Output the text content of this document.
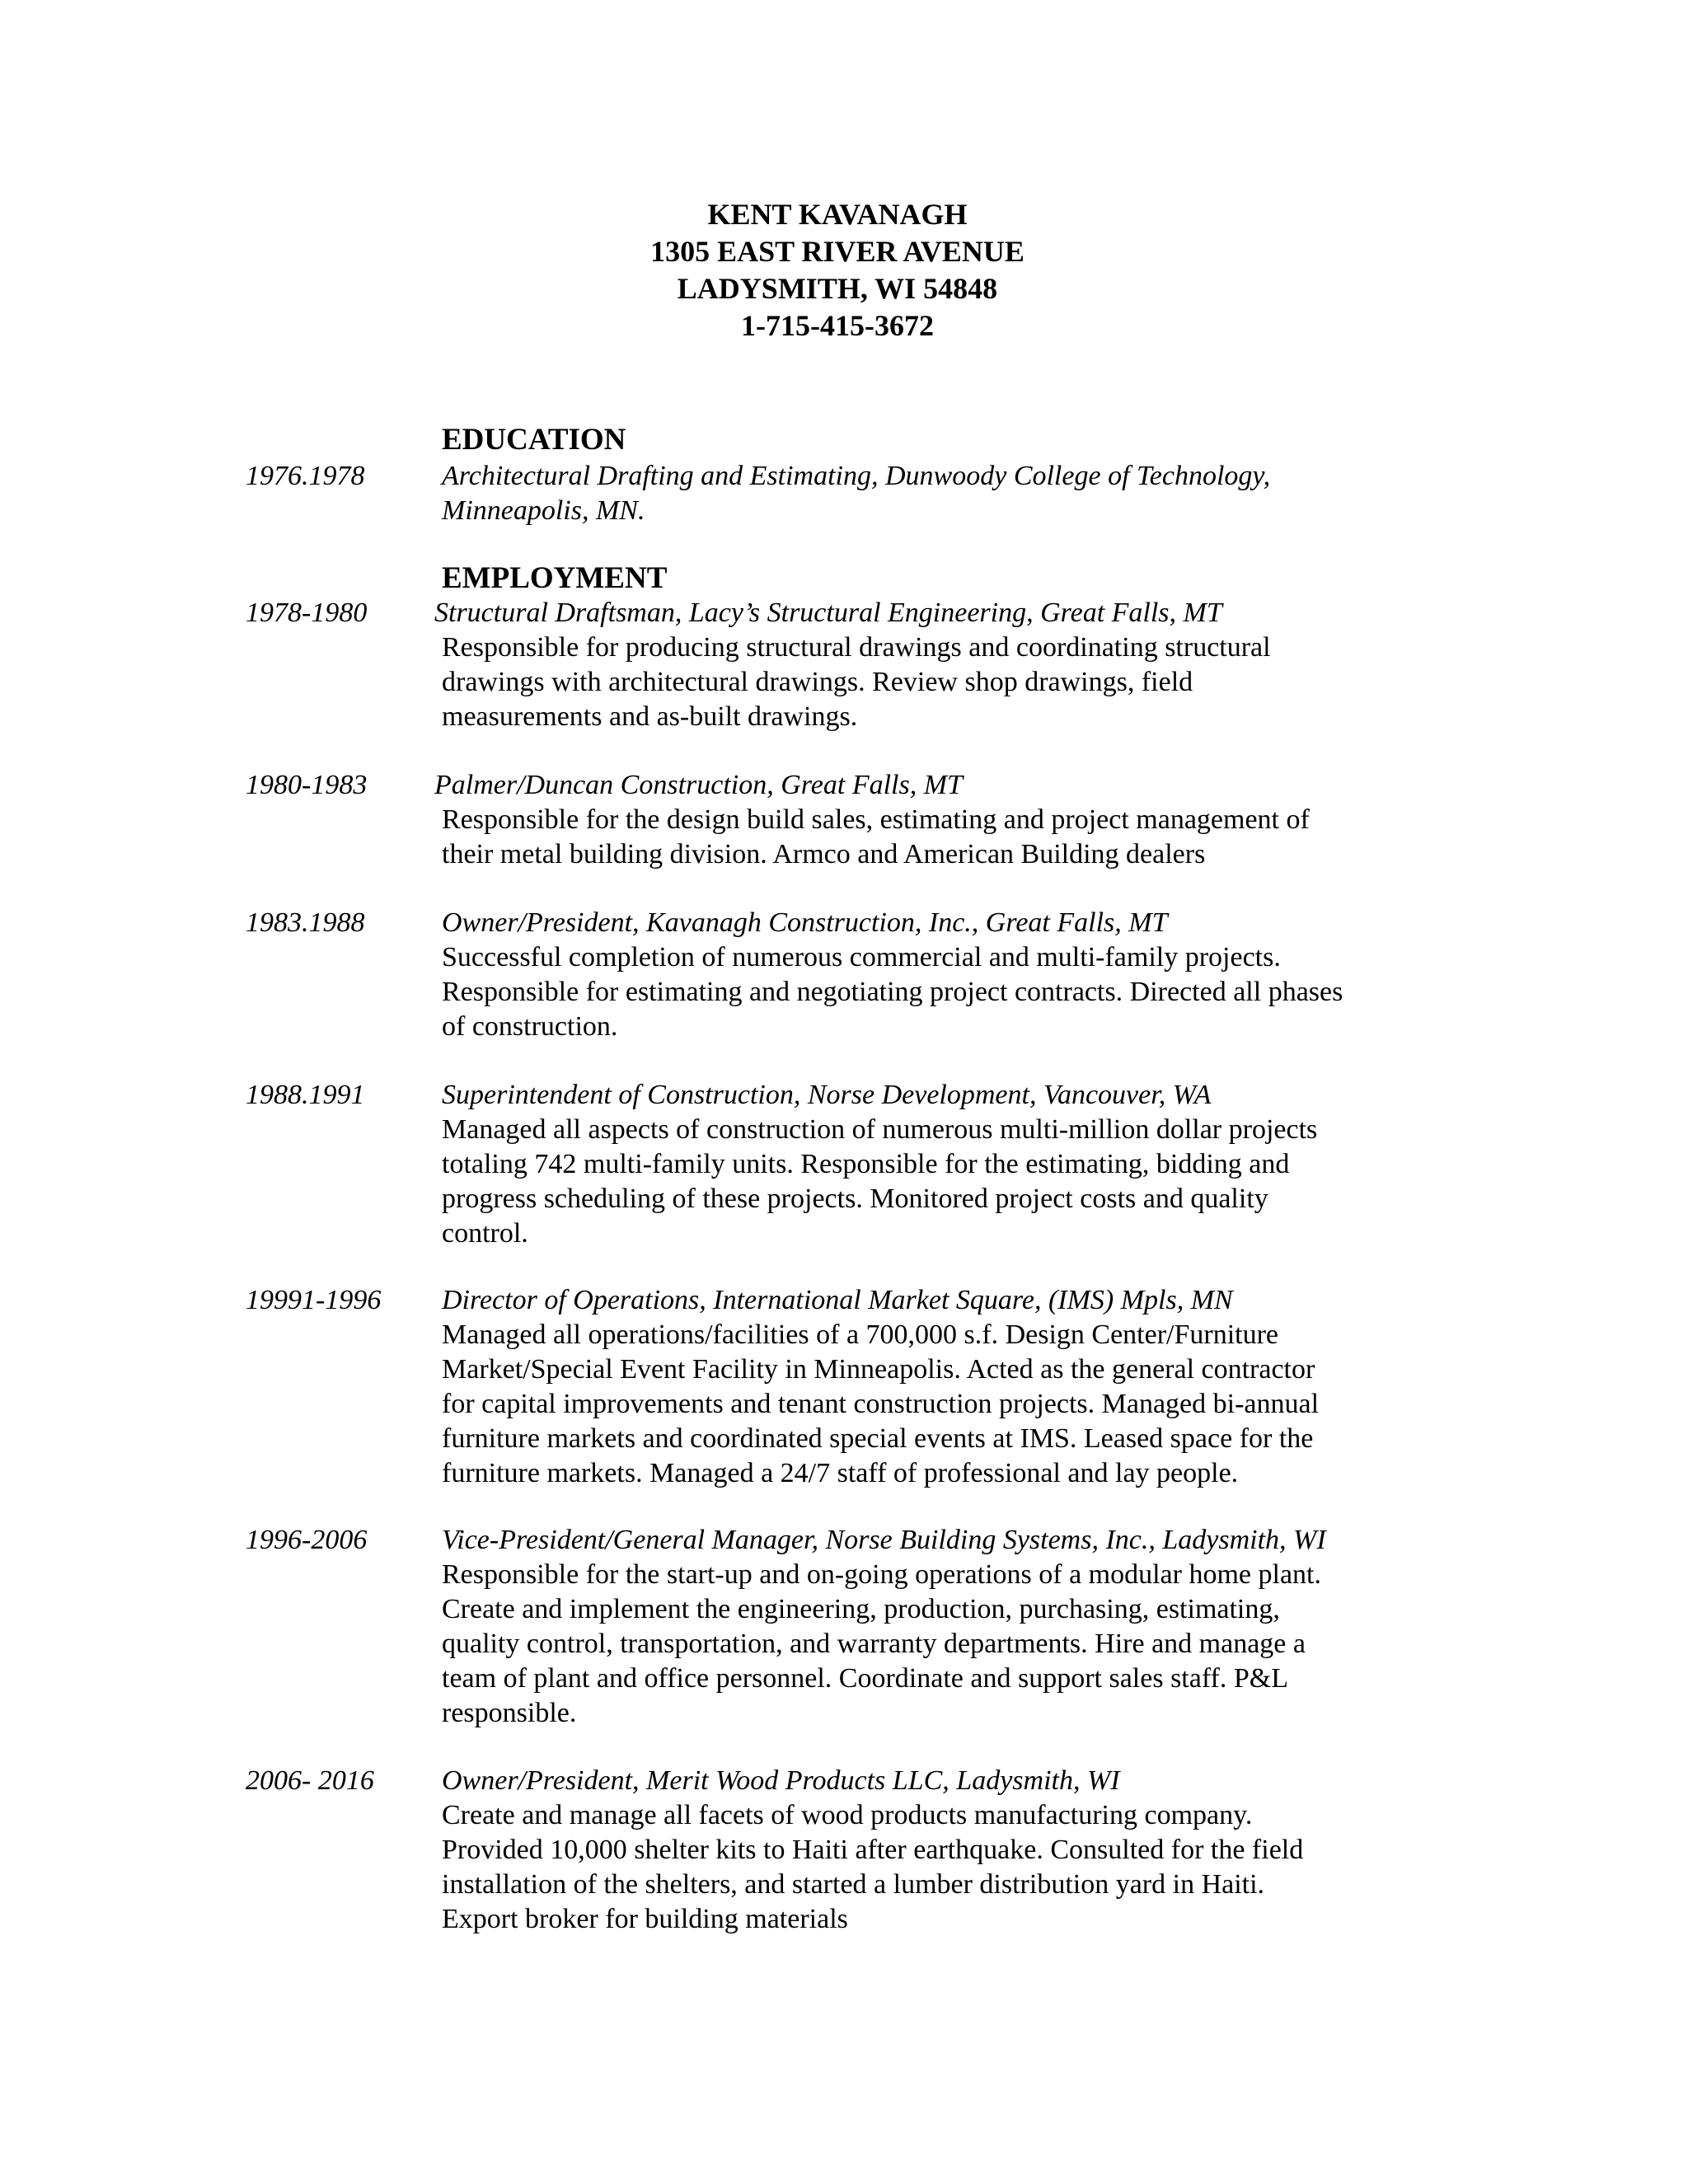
KENT KAVANAGH
1305 EAST RIVER AVENUE
LADYSMITH, WI 54848
1-715-415-3672
EDUCATION
1976.1978	Architectural Drafting and Estimating, Dunwoody College of Technology,
Minneapolis, MN.
EMPLOYMENT
1978-1980 Structural Draftsman, Lacy’s Structural Engineering, Great Falls, MT
Responsible for producing structural drawings and coordinating structural
drawings with architectural drawings. Review shop drawings, field
measurements and as-built drawings.
1980-1983 Palmer/Duncan Construction, Great Falls, MT
Responsible for the design build sales, estimating and project management of
their metal building division. Armco and American Building dealers
1983.1988	Owner/President, Kavanagh Construction, Inc., Great Falls, MT
Successful completion of numerous commercial and multi-family projects.
Responsible for estimating and negotiating project contracts. Directed all phases
of construction.
1988.1991	Superintendent of Construction, Norse Development, Vancouver, WA
Managed all aspects of construction of numerous multi-million dollar projects
totaling 742 multi-family units. Responsible for the estimating, bidding and
progress scheduling of these projects. Monitored project costs and quality
control.
19991-1996 Director of Operations, International Market Square, (IMS) Mpls, MN
Managed all operations/facilities of a 700,000 s.f. Design Center/Furniture
Market/Special Event Facility in Minneapolis. Acted as the general contractor
for capital improvements and tenant construction projects. Managed bi-annual
furniture markets and coordinated special events at IMS. Leased space for the
furniture markets. Managed a 24/7 staff of professional and lay people.
1996-2006	Vice-President/General Manager, Norse Building Systems, Inc., Ladysmith, WI
Responsible for the start-up and on-going operations of a modular home plant.
Create and implement the engineering, production, purchasing, estimating,
quality control, transportation, and warranty departments. Hire and manage a
team of plant and office personnel. Coordinate and support sales staff. P&L
responsible.
2006- 2016 Owner/President, Merit Wood Products LLC, Ladysmith, WI
Create and manage all facets of wood products manufacturing company.
Provided 10,000 shelter kits to Haiti after earthquake. Consulted for the field
installation of the shelters, and started a lumber distribution yard in Haiti.
Export broker for building materials
